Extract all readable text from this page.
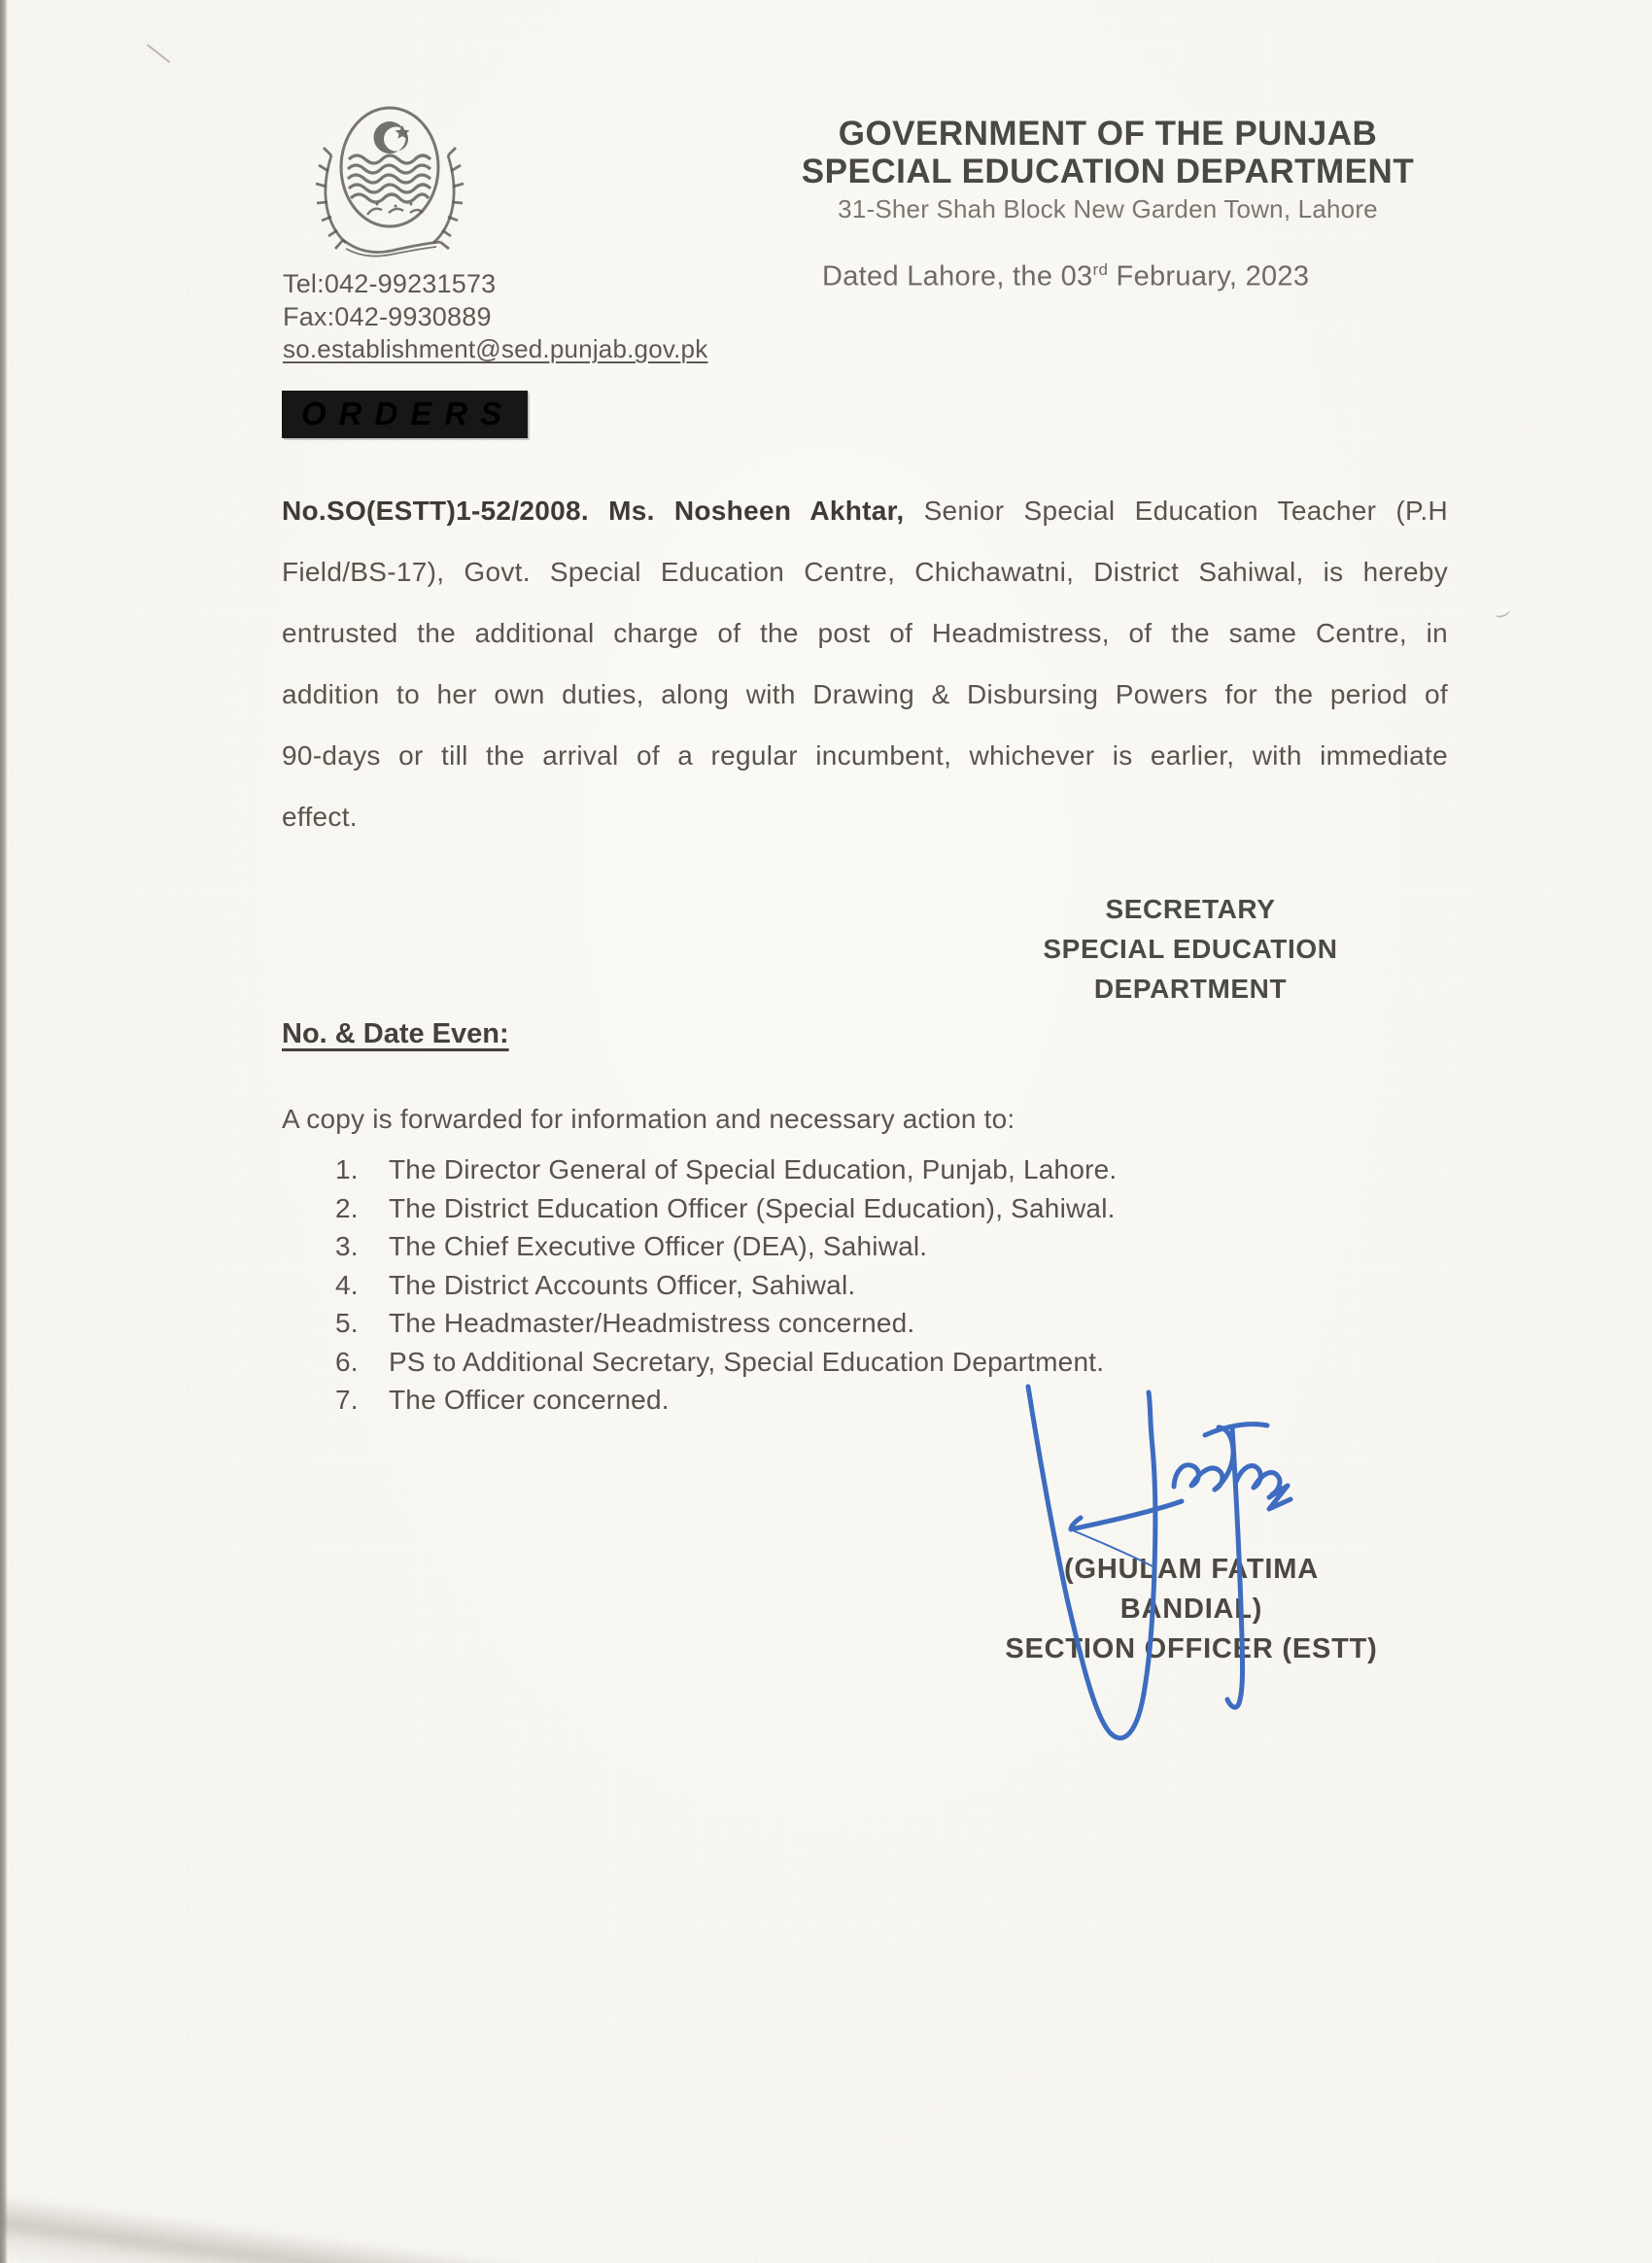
GOVERNMENT OF THE PUNJAB
SPECIAL EDUCATION DEPARTMENT
31-Sher Shah Block New Garden Town, Lahore
Dated Lahore, the 03rd February, 2023
Tel:042-99231573
Fax:042-9930889
so.establishment@sed.punjab.gov.pk
ORDERS

No.SO(ESTT)1-52/2008. Ms. Nosheen Akhtar, Senior Special Education Teacher (P.H Field/BS-17), Govt. Special Education Centre, Chichawatni, District Sahiwal, is hereby entrusted the additional charge of the post of Headmistress, of the same Centre, in addition to her own duties, along with Drawing & Disbursing Powers for the period of 90-days or till the arrival of a regular incumbent, whichever is earlier, with immediate effect.

SECRETARY
SPECIAL EDUCATION
DEPARTMENT
No. & Date Even:
A copy is forwarded for information and necessary action to:
1.	The Director General of Special Education, Punjab, Lahore.
2.	The District Education Officer (Special Education), Sahiwal.
3.	The Chief Executive Officer (DEA), Sahiwal.
4.	The District Accounts Officer, Sahiwal.
5.	The Headmaster/Headmistress concerned.
6.	PS to Additional Secretary, Special Education Department.
7.	The Officer concerned.
(GHULAM FATIMA BANDIAL)
SECTION OFFICER (ESTT)
